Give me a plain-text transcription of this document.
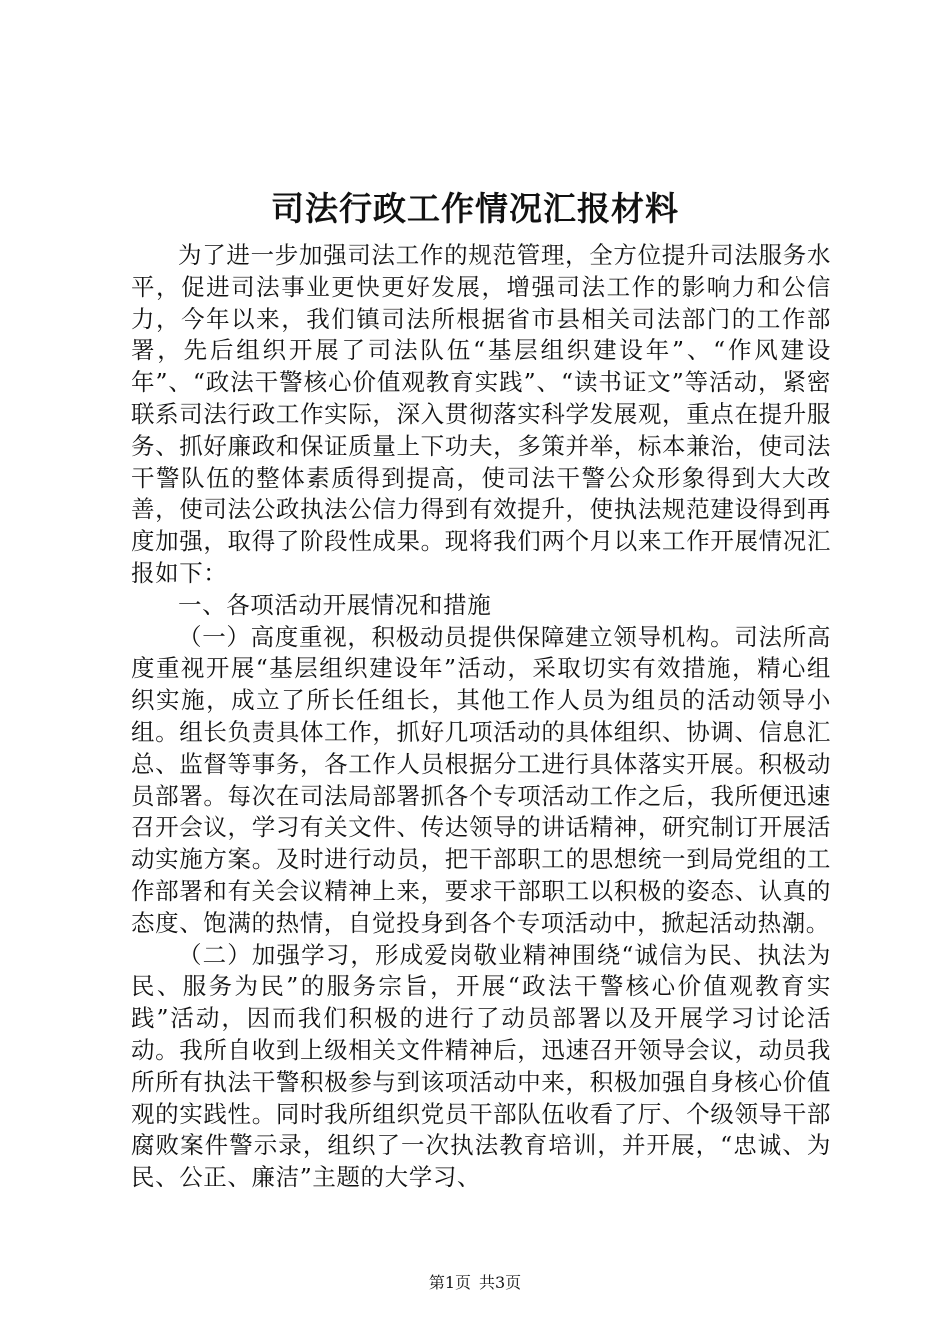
司法行政工作情况汇报材料

为了进一步加强司法工作的规范管理，全方位提升司法服务水平，促进司法事业更快更好发展，增强司法工作的影响力和公信力，今年以来，我们镇司法所根据省市县相关司法部门的工作部署，先后组织开展了司法队伍“基层组织建设年”、“作风建设年”、“政法干警核心价值观教育实践”、“读书证文”等活动，紧密联系司法行政工作实际，深入贯彻落实科学发展观，重点在提升服务、抓好廉政和保证质量上下功夫，多策并举，标本兼治，使司法干警队伍的整体素质得到提高，使司法干警公众形象得到大大改善，使司法公政执法公信力得到有效提升，使执法规范建设得到再度加强，取得了阶段性成果。现将我们两个月以来工作开展情况汇报如下：

一、各项活动开展情况和措施

（一）高度重视，积极动员提供保障建立领导机构。司法所高度重视开展“基层组织建设年”活动，采取切实有效措施，精心组织实施，成立了所长任组长，其他工作人员为组员的活动领导小组。组长负责具体工作，抓好几项活动的具体组织、协调、信息汇总、监督等事务，各工作人员根据分工进行具体落实开展。积极动员部署。每次在司法局部署抓各个专项活动工作之后，我所便迅速召开会议，学习有关文件、传达领导的讲话精神，研究制订开展活动实施方案。及时进行动员，把干部职工的思想统一到局党组的工作部署和有关会议精神上来，要求干部职工以积极的姿态、认真的态度、饱满的热情，自觉投身到各个专项活动中，掀起活动热潮。

（二）加强学习，形成爱岗敬业精神围绕“诚信为民、执法为民、服务为民”的服务宗旨，开展“政法干警核心价值观教育实践”活动，因而我们积极的进行了动员部署以及开展学习讨论活动。我所自收到上级相关文件精神后，迅速召开领导会议，动员我所所有执法干警积极参与到该项活动中来，积极加强自身核心价值观的实践性。同时我所组织党员干部队伍收看了厅、个级领导干部腐败案件警示录，组织了一次执法教育培训，并开展，“忠诚、为民、公正、廉洁”主题的大学习、

第1页 共3页
